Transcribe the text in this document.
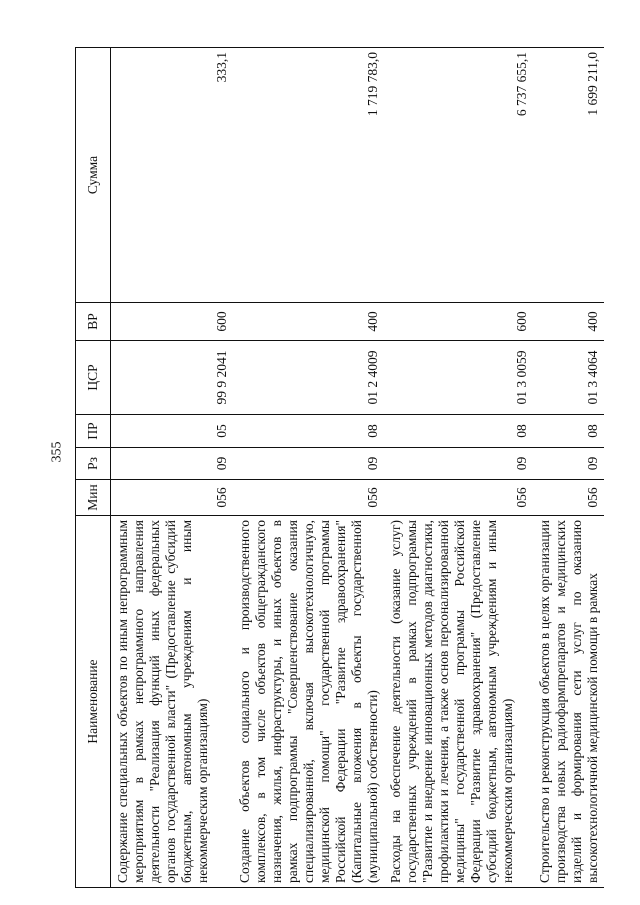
355
Наименование	Мин	Рз	ПР	ЦСР	ВР	Сумма
Содержание специальных объектов по иным непрограммным мероприятиям в рамках непрограммного направления деятельности "Реализация функций иных федеральных органов государственной власти" (Предоставление субсидий бюджетным, автономным учреждениям и иным некоммерческим организациям)	056	09	05	99 9 2041	600	333,1
Создание объектов социального и производственного комплексов, в том числе объектов общегражданского назначения, жилья, инфраструктуры, и иных объектов в рамках подпрограммы "Совершенствование оказания специализированной, включая высокотехнологичную, медицинской помощи" государственной программы Российской Федерации "Развитие здравоохранения" (Капитальные вложения в объекты государственной (муниципальной) собственности)	056	09	08	01 2 4009	400	1 719 783,0
Расходы на обеспечение деятельности (оказание услуг) государственных учреждений в рамках подпрограммы "Развитие и внедрение инновационных методов диагностики, профилактики и лечения, а также основ персонализированной медицины" государственной программы Российской Федерации "Развитие здравоохранения" (Предоставление субсидий бюджетным, автономным учреждениям и иным некоммерческим организациям)	056	09	08	01 3 0059	600	6 737 655,1
Строительство и реконструкция объектов в целях организации производства новых радиофармпрепаратов и медицинских изделий и формирования сети услуг по оказанию высокотехнологичной медицинской помощи в рамках	056	09	08	01 3 4064	400	1 699 211,0
